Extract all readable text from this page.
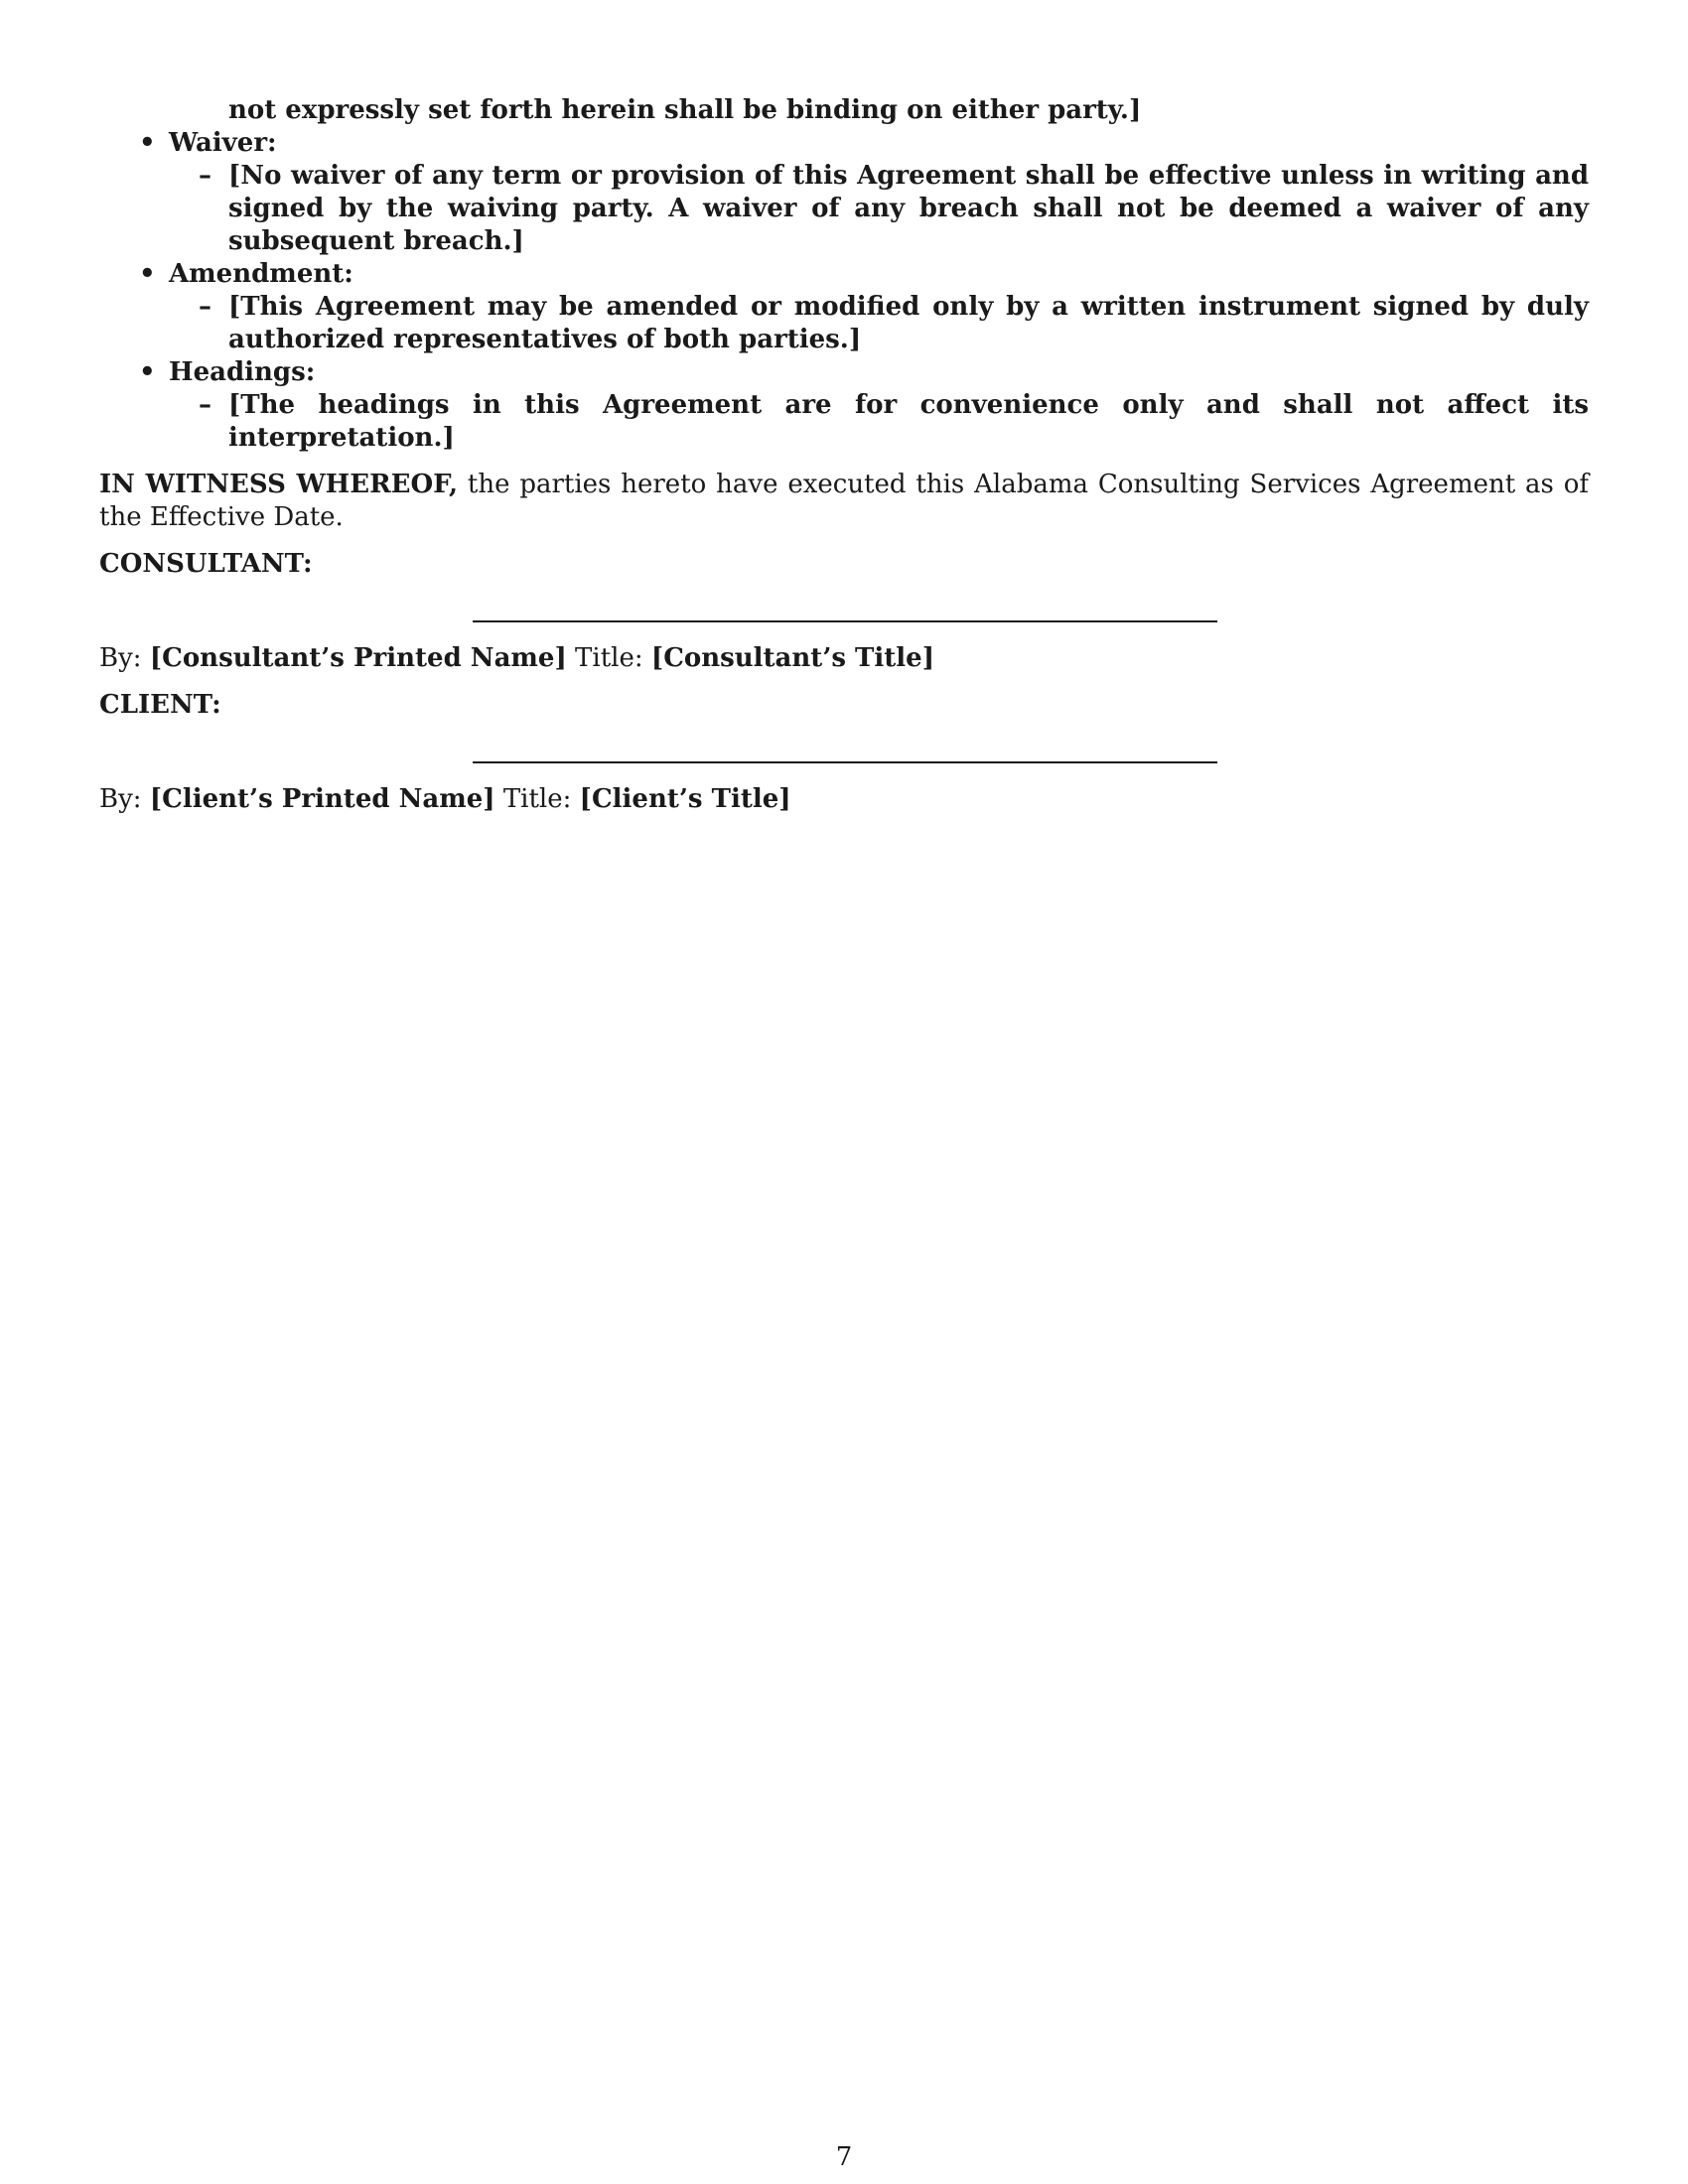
not expressly set forth herein shall be binding on either party.]
• Waiver:
– [No waiver of any term or provision of this Agreement shall be effective unless in writing and signed by the waiving party. A waiver of any breach shall not be deemed a waiver of any subsequent breach.]
• Amendment:
– [This Agreement may be amended or modified only by a written instrument signed by duly authorized representatives of both parties.]
• Headings:
– [The headings in this Agreement are for convenience only and shall not affect its interpretation.]
IN WITNESS WHEREOF, the parties hereto have executed this Alabama Consulting Services Agreement as of the Effective Date.
CONSULTANT:
By: [Consultant’s Printed Name] Title: [Consultant’s Title]
CLIENT:
By: [Client’s Printed Name] Title: [Client’s Title]
7
